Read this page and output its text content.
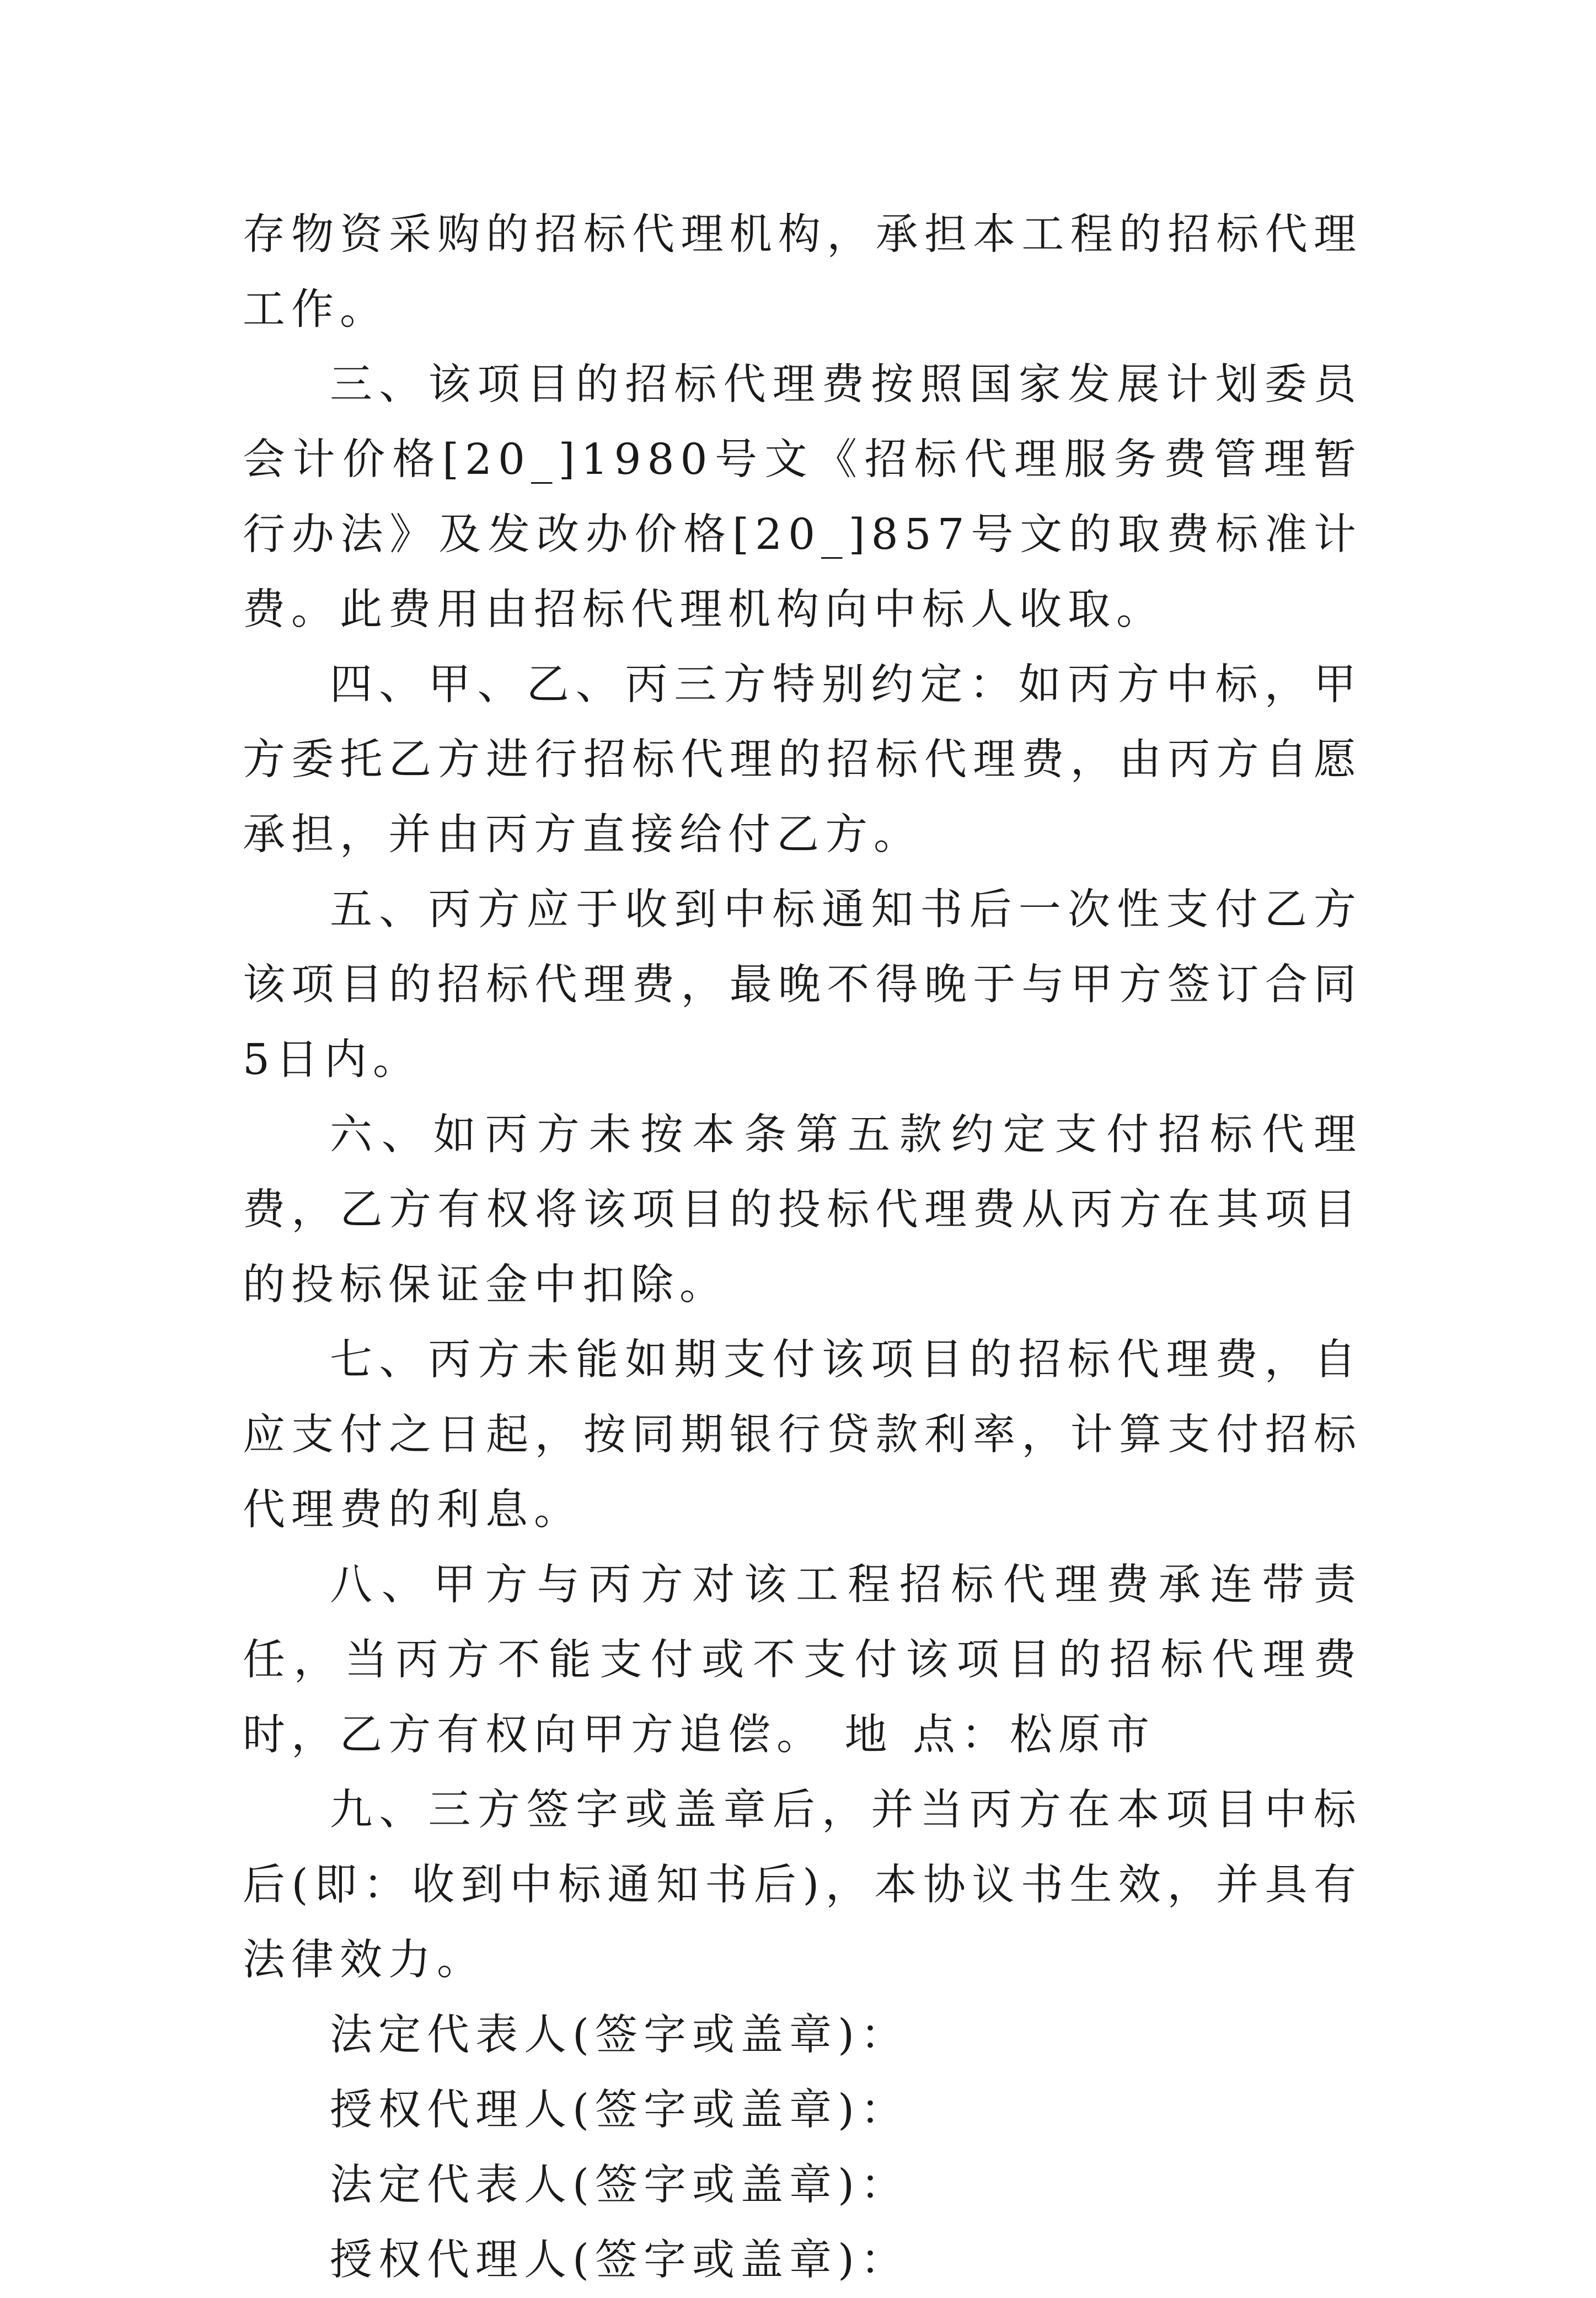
存物资采购的招标代理机构，承担本工程的招标代理工作。

三、该项目的招标代理费按照国家发展计划委员会计价格[20_]1980号文《招标代理服务费管理暂行办法》及发改办价格[20_]857号文的取费标准计费。此费用由招标代理机构向中标人收取。

四、甲、乙、丙三方特别约定：如丙方中标，甲方委托乙方进行招标代理的招标代理费，由丙方自愿承担，并由丙方直接给付乙方。

五、丙方应于收到中标通知书后一次性支付乙方该项目的招标代理费，最晚不得晚于与甲方签订合同5日内。

六、如丙方未按本条第五款约定支付招标代理费，乙方有权将该项目的投标代理费从丙方在其项目的投标保证金中扣除。

七、丙方未能如期支付该项目的招标代理费，自应支付之日起，按同期银行贷款利率，计算支付招标代理费的利息。

八、甲方与丙方对该工程招标代理费承连带责任，当丙方不能支付或不支付该项目的招标代理费时，乙方有权向甲方追偿。 地 点：松原市

九、三方签字或盖章后，并当丙方在本项目中标后(即：收到中标通知书后)，本协议书生效，并具有法律效力。

法定代表人(签字或盖章)：

授权代理人(签字或盖章)：

法定代表人(签字或盖章)：

授权代理人(签字或盖章)：
